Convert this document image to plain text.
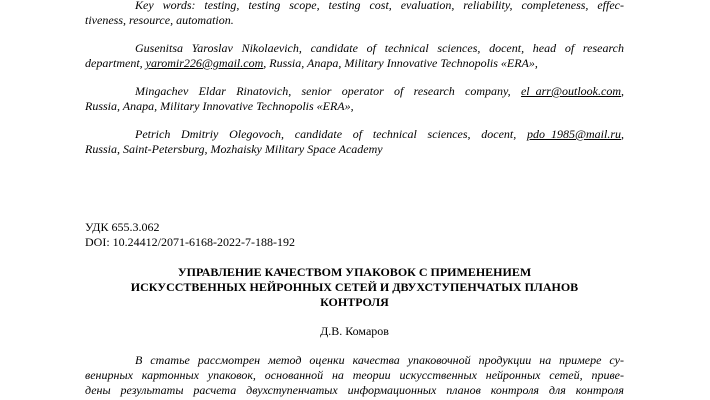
Key words: testing, testing scope, testing cost, evaluation, reliability, completeness, effec-
tiveness, resource, automation.
Gusenitsa Yaroslav Nikolaevich, candidate of technical sciences, docent, head of research
department, yaromir226@gmail.com, Russia, Anapa, Military Innovative Technopolis «ERA»,
Mingachev Eldar Rinatovich, senior operator of research company, el_arr@outlook.com,
Russia, Anapa, Military Innovative Technopolis «ERA»,
Petrich Dmitriy Olegovoch, candidate of technical sciences, docent, pdo_1985@mail.ru,
Russia, Saint-Petersburg, Mozhaisky Military Space Academy
УДК 655.3.062
DOI: 10.24412/2071-6168-2022-7-188-192
УПРАВЛЕНИЕ КАЧЕСТВОМ УПАКОВОК С ПРИМЕНЕНИЕМ
ИСКУССТВЕННЫХ НЕЙРОННЫХ СЕТЕЙ И ДВУХСТУПЕНЧАТЫХ ПЛАНОВ
КОНТРОЛЯ
Д.В. Комаров
В статье рассмотрен метод оценки качества упаковочной продукции на примере су-
венирных картонных упаковок, основанной на теории искусственных нейронных сетей, приве-
дены результаты расчета двухступенчатых информационных планов контроля для контроля
